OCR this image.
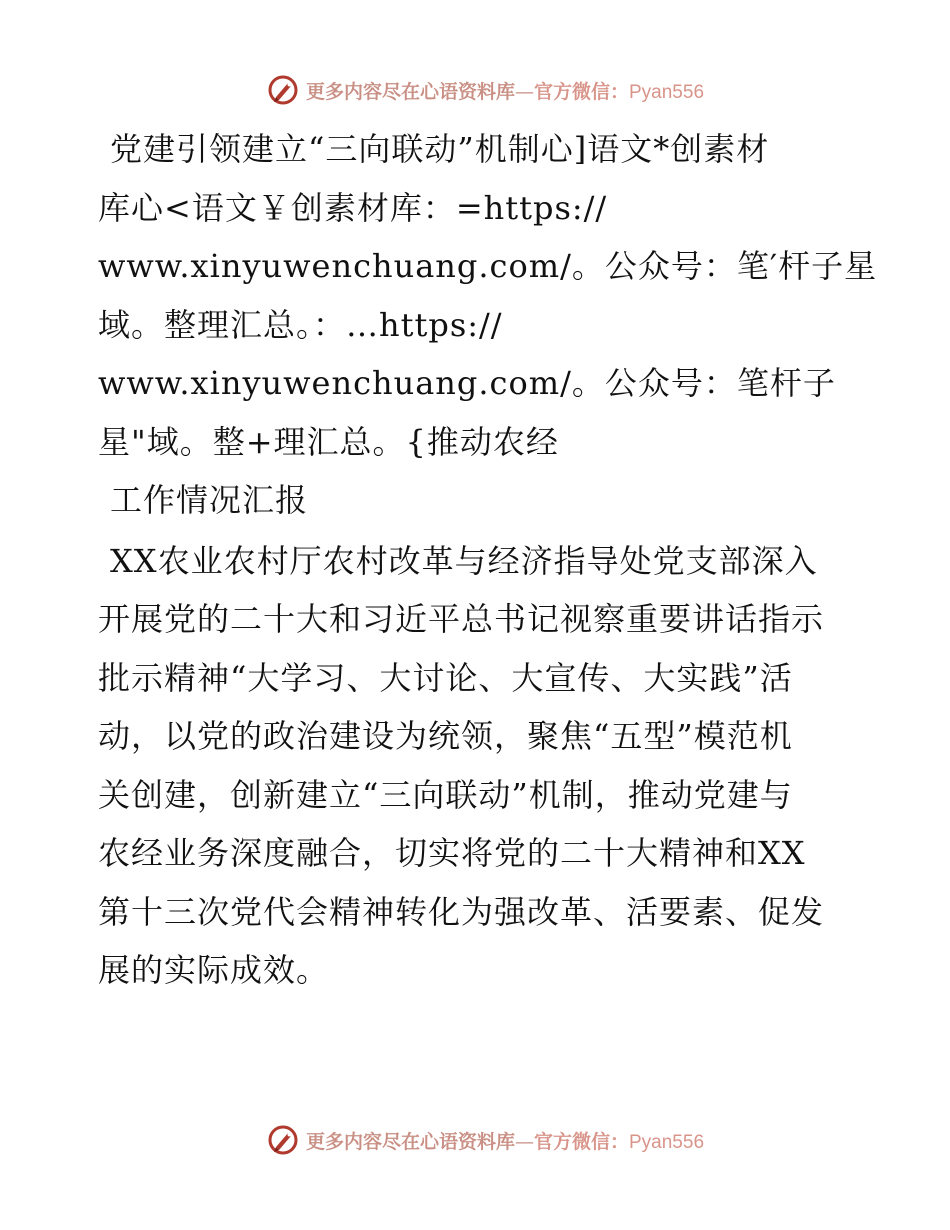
更多内容尽在心语资料库—官方微信：Pyan556
党建引领建立“三向联动”机制心]语文*创素材
库心<语文￥创素材库：=https://
www.xinyuwenchuang.com/。公众号：笔′杆子星
域。整理汇总。：…https://
www.xinyuwenchuang.com/。公众号：笔杆子
星"域。整+理汇总。{推动农经
工作情况汇报
XX农业农村厅农村改革与经济指导处党支部深入
开展党的二十大和习近平总书记视察重要讲话指示
批示精神“大学习、大讨论、大宣传、大实践”活
动，以党的政治建设为统领，聚焦“五型”模范机
关创建，创新建立“三向联动”机制，推动党建与
农经业务深度融合，切实将党的二十大精神和XX
第十三次党代会精神转化为强改革、活要素、促发
展的实际成效。
更多内容尽在心语资料库—官方微信：Pyan556
